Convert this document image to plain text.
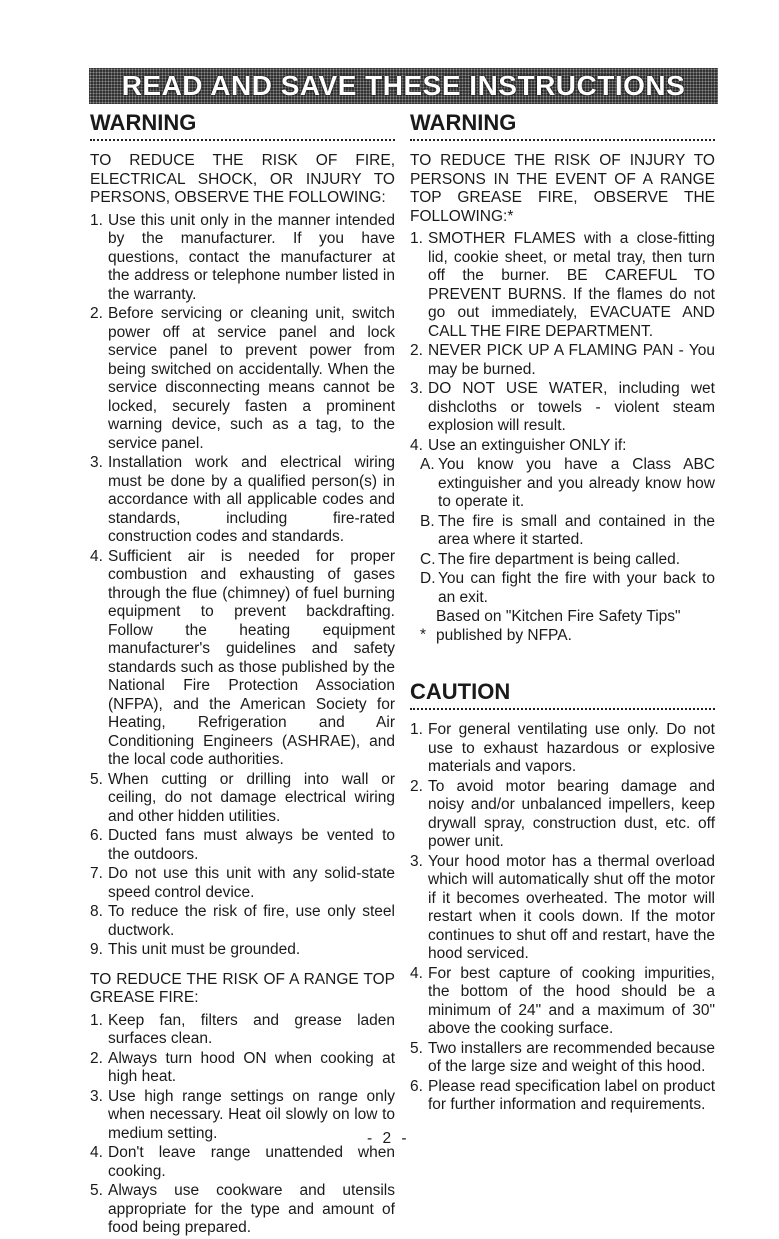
READ AND SAVE THESE INSTRUCTIONS
WARNING

TO REDUCE THE RISK OF FIRE, ELECTRICAL SHOCK, OR INJURY TO PERSONS, OBSERVE THE FOLLOWING:

1. Use this unit only in the manner intended by the manufacturer. If you have questions, contact the manufacturer at the address or telephone number listed in the warranty.
2. Before servicing or cleaning unit, switch power off at service panel and lock service panel to prevent power from being switched on accidentally. When the service disconnecting means cannot be locked, securely fasten a prominent warning device, such as a tag, to the service panel.
3. Installation work and electrical wiring must be done by a qualified person(s) in accordance with all applicable codes and standards, including fire-rated construction codes and standards.
4. Sufficient air is needed for proper combustion and exhausting of gases through the flue (chimney) of fuel burning equipment to prevent backdrafting. Follow the heating equipment manufacturer's guidelines and safety standards such as those published by the National Fire Protection Association (NFPA), and the American Society for Heating, Refrigeration and Air Conditioning Engineers (ASHRAE), and the local code authorities.
5. When cutting or drilling into wall or ceiling, do not damage electrical wiring and other hidden utilities.
6. Ducted fans must always be vented to the outdoors.
7. Do not use this unit with any solid-state speed control device.
8. To reduce the risk of fire, use only steel ductwork.
9. This unit must be grounded.

TO REDUCE THE RISK OF A RANGE TOP GREASE FIRE:

1. Keep fan, filters and grease laden surfaces clean.
2. Always turn hood ON when cooking at high heat.
3. Use high range settings on range only when necessary. Heat oil slowly on low to medium setting.
4. Don't leave range unattended when cooking.
5. Always use cookware and utensils appropriate for the type and amount of food being prepared.
WARNING

TO REDUCE THE RISK OF INJURY TO PERSONS IN THE EVENT OF A RANGE TOP GREASE FIRE, OBSERVE THE FOLLOWING:*

1. SMOTHER FLAMES with a close-fitting lid, cookie sheet, or metal tray, then turn off the burner. BE CAREFUL TO PREVENT BURNS. If the flames do not go out immediately, EVACUATE AND CALL THE FIRE DEPARTMENT.
2. NEVER PICK UP A FLAMING PAN - You may be burned.
3. DO NOT USE WATER, including wet dishcloths or towels - violent steam explosion will result.
4. Use an extinguisher ONLY if:
A. You know you have a Class ABC extinguisher and you already know how to operate it.
B. The fire is small and contained in the area where it started.
C. The fire department is being called.
D. You can fight the fire with your back to an exit.

*Based on "Kitchen Fire Safety Tips" published by NFPA.

CAUTION
1. For general ventilating use only. Do not use to exhaust hazardous or explosive materials and vapors.
2. To avoid motor bearing damage and noisy and/or unbalanced impellers, keep drywall spray, construction dust, etc. off power unit.
3. Your hood motor has a thermal overload which will automatically shut off the motor if it becomes overheated. The motor will restart when it cools down. If the motor continues to shut off and restart, have the hood serviced.
4. For best capture of cooking impurities, the bottom of the hood should be a minimum of 24" and a maximum of 30" above the cooking surface.
5. Two installers are recommended because of the large size and weight of this hood.
6. Please read specification label on product for further information and requirements.
- 2 -
